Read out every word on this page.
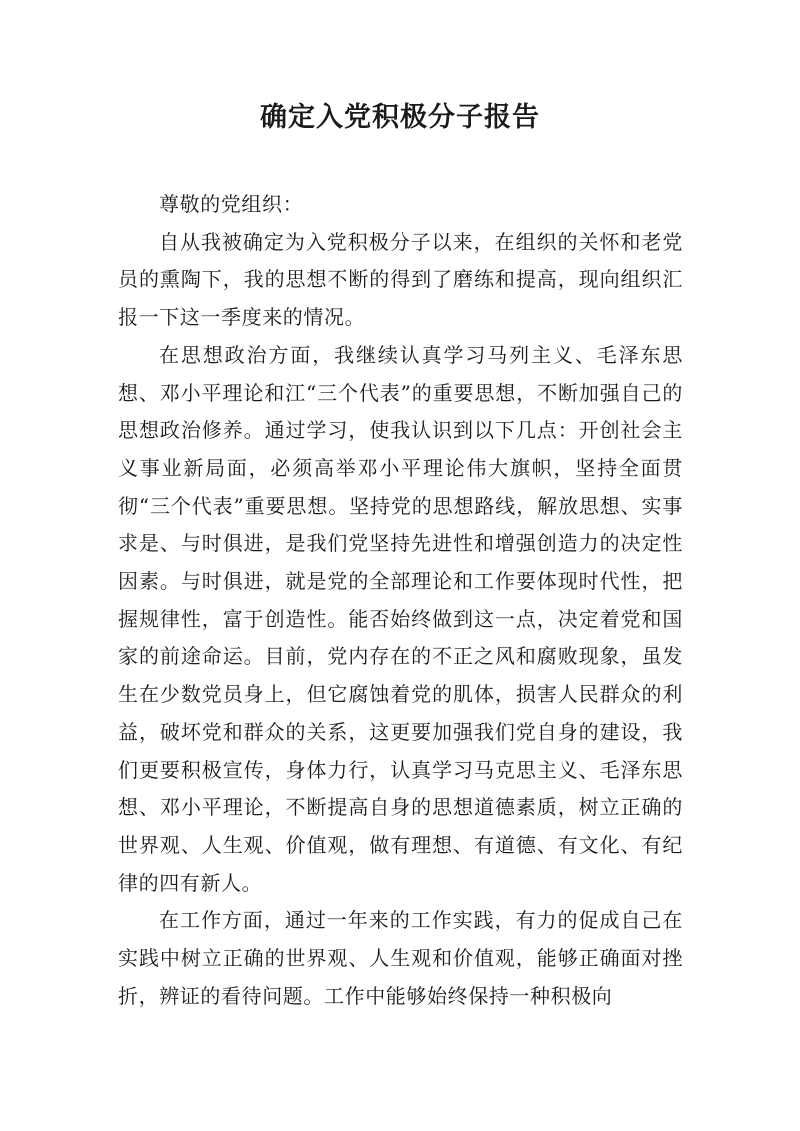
确定入党积极分子报告

尊敬的党组织：

自从我被确定为入党积极分子以来，在组织的关怀和老党员的熏陶下，我的思想不断的得到了磨练和提高，现向组织汇报一下这一季度来的情况。

在思想政治方面，我继续认真学习马列主义、毛泽东思想、邓小平理论和江“三个代表”的重要思想，不断加强自己的思想政治修养。通过学习，使我认识到以下几点：开创社会主义事业新局面，必须高举邓小平理论伟大旗帜，坚持全面贯彻“三个代表”重要思想。坚持党的思想路线，解放思想、实事求是、与时俱进，是我们党坚持先进性和增强创造力的决定性因素。与时俱进，就是党的全部理论和工作要体现时代性，把握规律性，富于创造性。能否始终做到这一点，决定着党和国家的前途命运。目前，党内存在的不正之风和腐败现象，虽发生在少数党员身上，但它腐蚀着党的肌体，损害人民群众的利益，破坏党和群众的关系，这更要加强我们党自身的建设，我们更要积极宣传，身体力行，认真学习马克思主义、毛泽东思想、邓小平理论，不断提高自身的思想道德素质，树立正确的世界观、人生观、价值观，做有理想、有道德、有文化、有纪律的四有新人。

在工作方面，通过一年来的工作实践，有力的促成自己在实践中树立正确的世界观、人生观和价值观，能够正确面对挫折，辨证的看待问题。工作中能够始终保持一种积极向
